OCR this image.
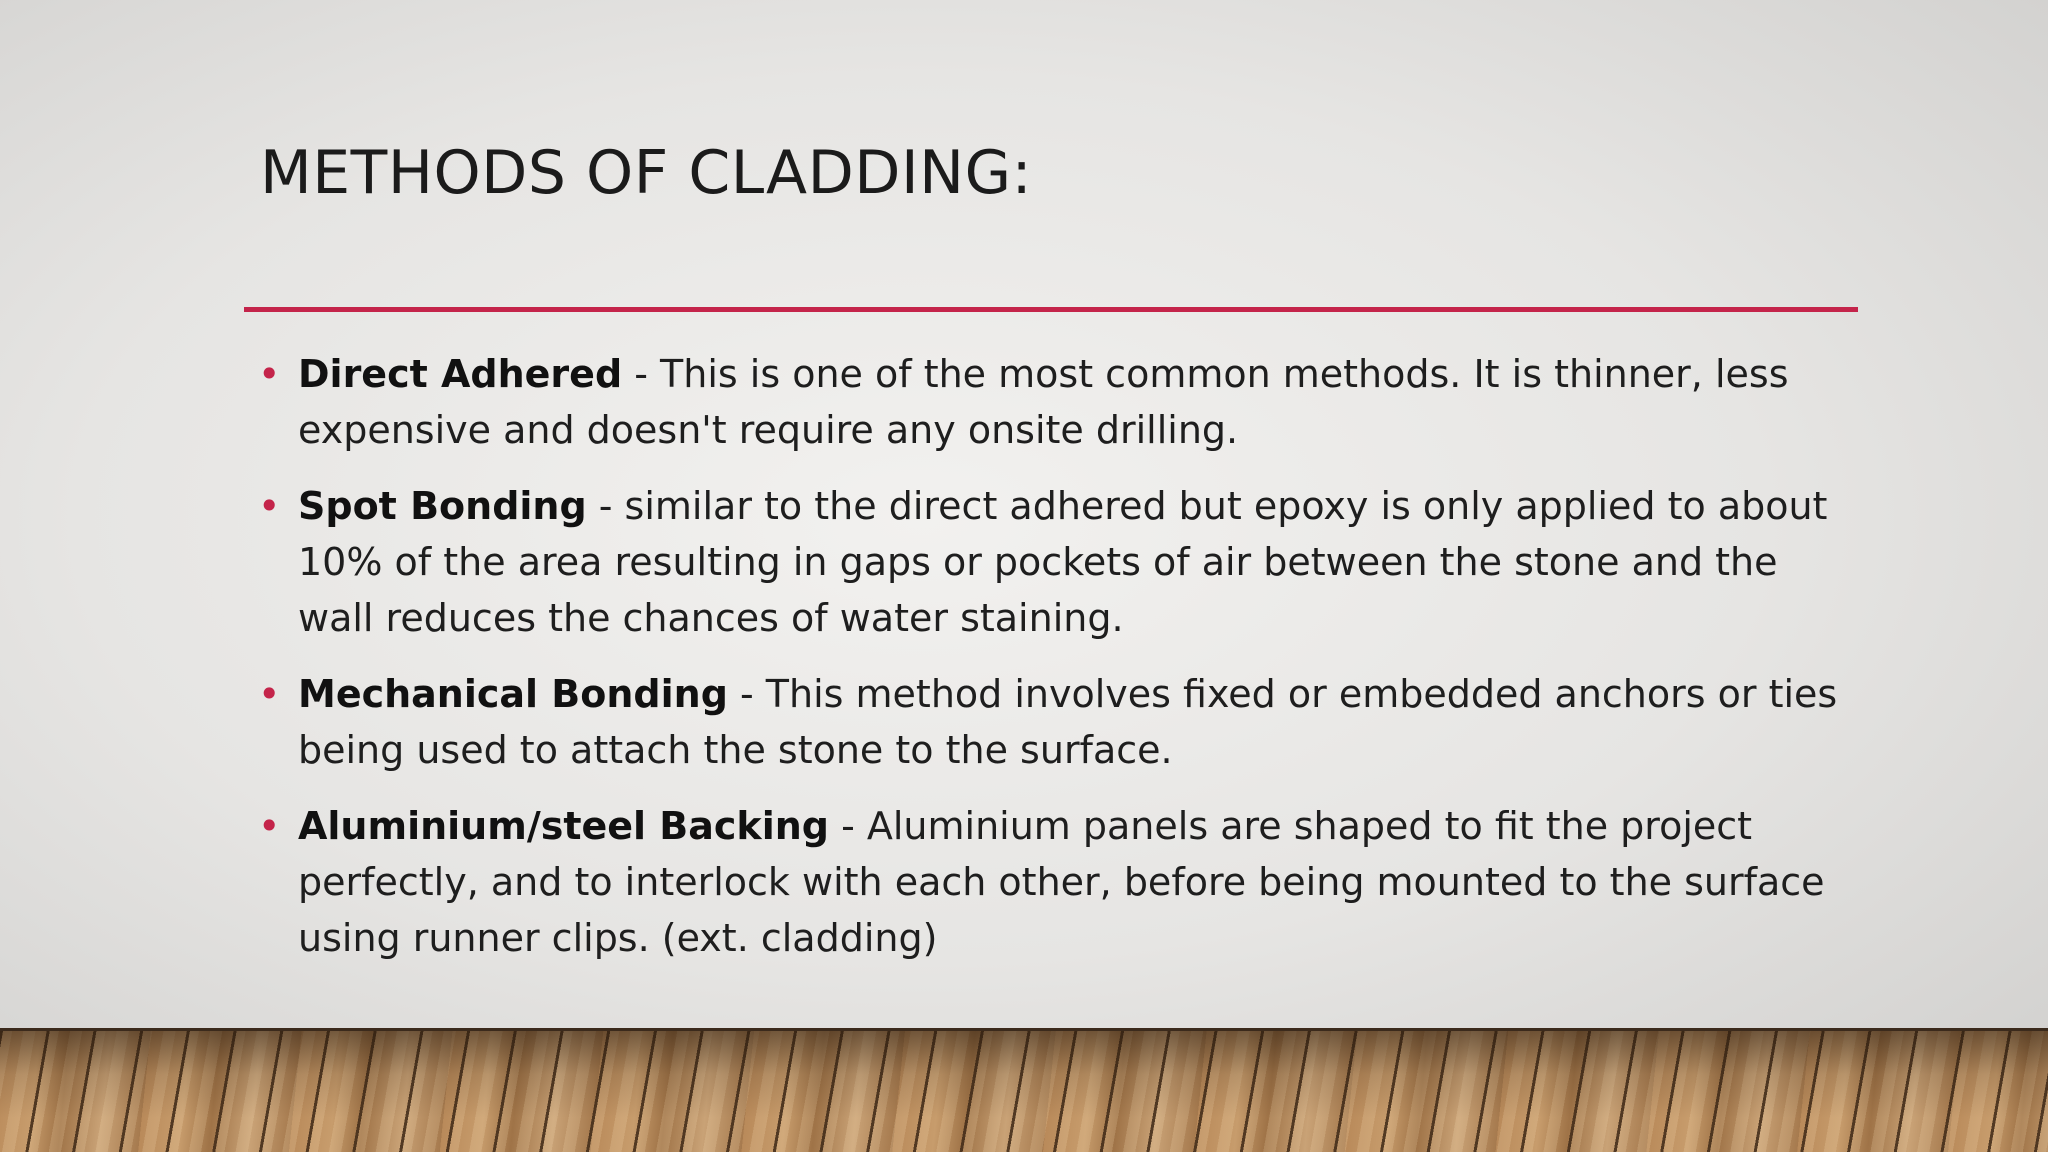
METHODS OF CLADDING:
• Direct Adhered - This is one of the most common methods. It is thinner, less expensive and doesn't require any onsite drilling.
• Spot Bonding - similar to the direct adhered but epoxy is only applied to about 10% of the area resulting in gaps or pockets of air between the stone and the wall reduces the chances of water staining.
• Mechanical Bonding - This method involves fixed or embedded anchors or ties being used to attach the stone to the surface.
• Aluminium/steel Backing - Aluminium panels are shaped to fit the project perfectly, and to interlock with each other, before being mounted to the surface using runner clips. (ext. cladding)
